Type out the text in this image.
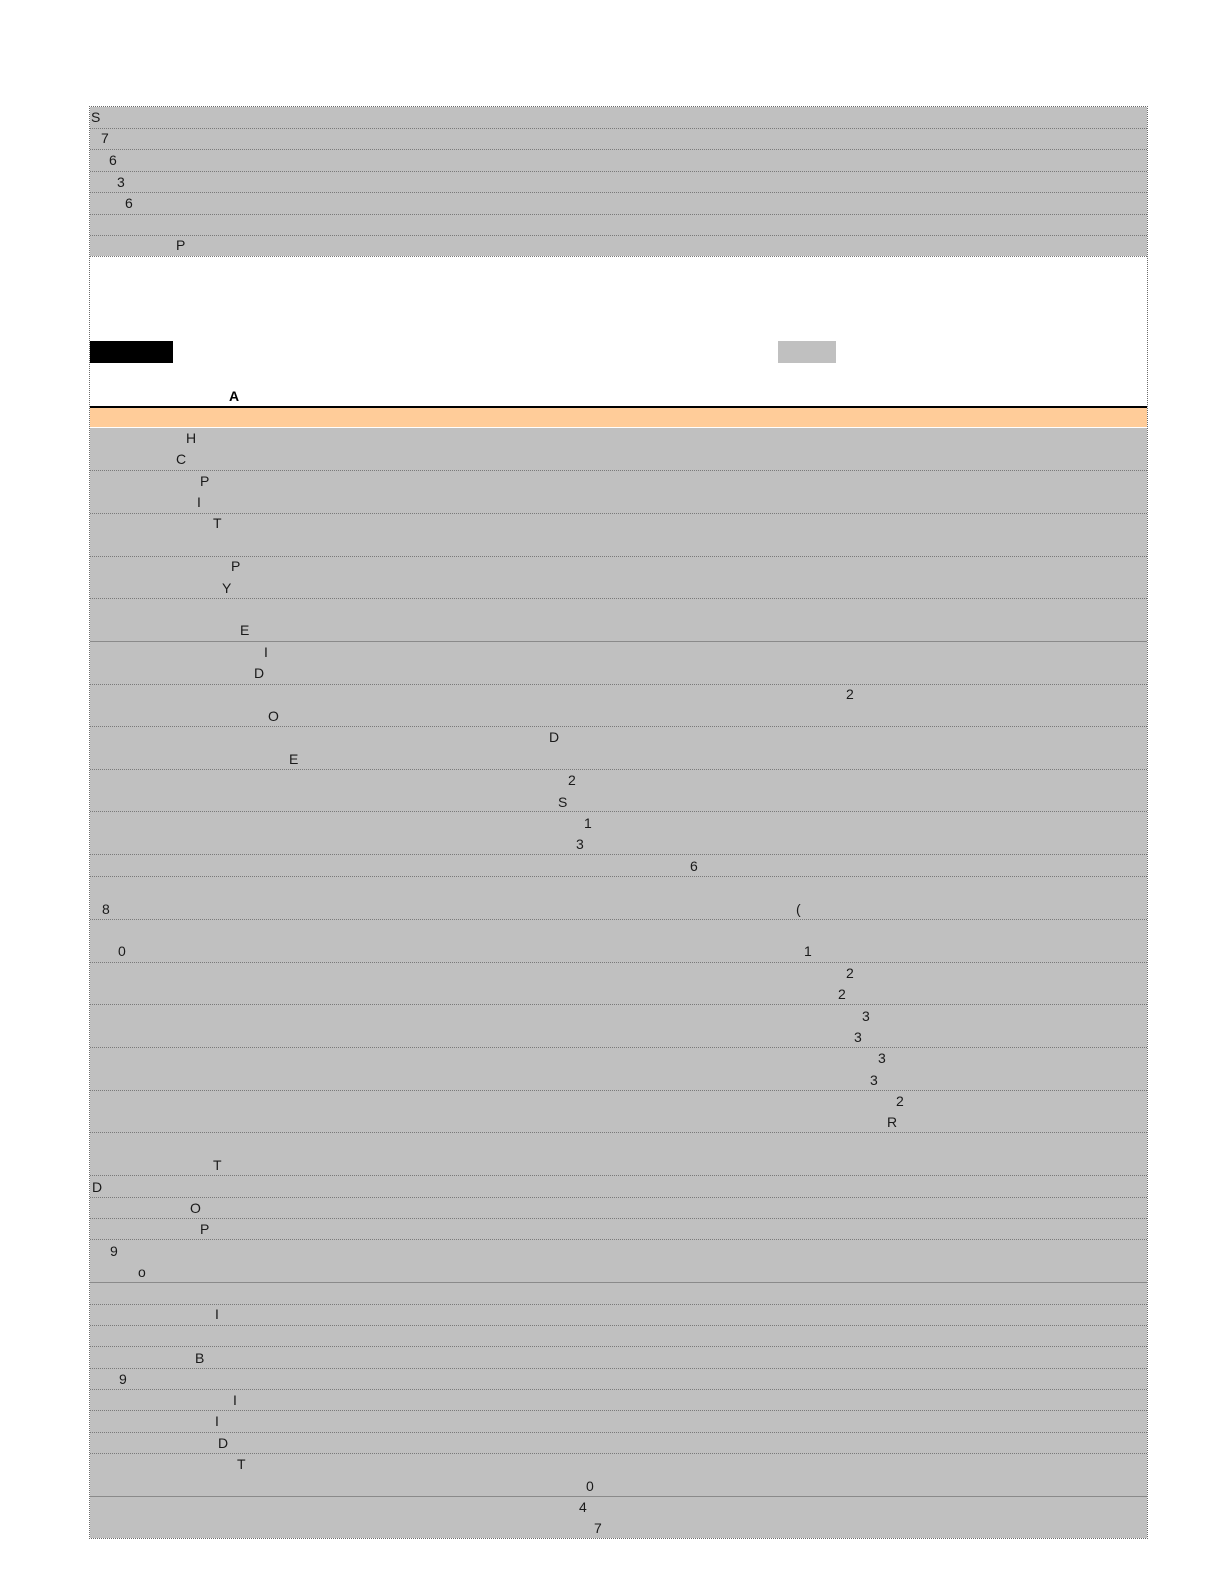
S
7
6
3
6
P
A
H
C
P
I
T
P
Y
E
I
D
2
O
D
E
2
S
1
3
6
8	(
0	1
2
2
3
3
3
3
2
R
T
D
O
P
9
o
I
B
9
I
I
D
T
0
4
7
